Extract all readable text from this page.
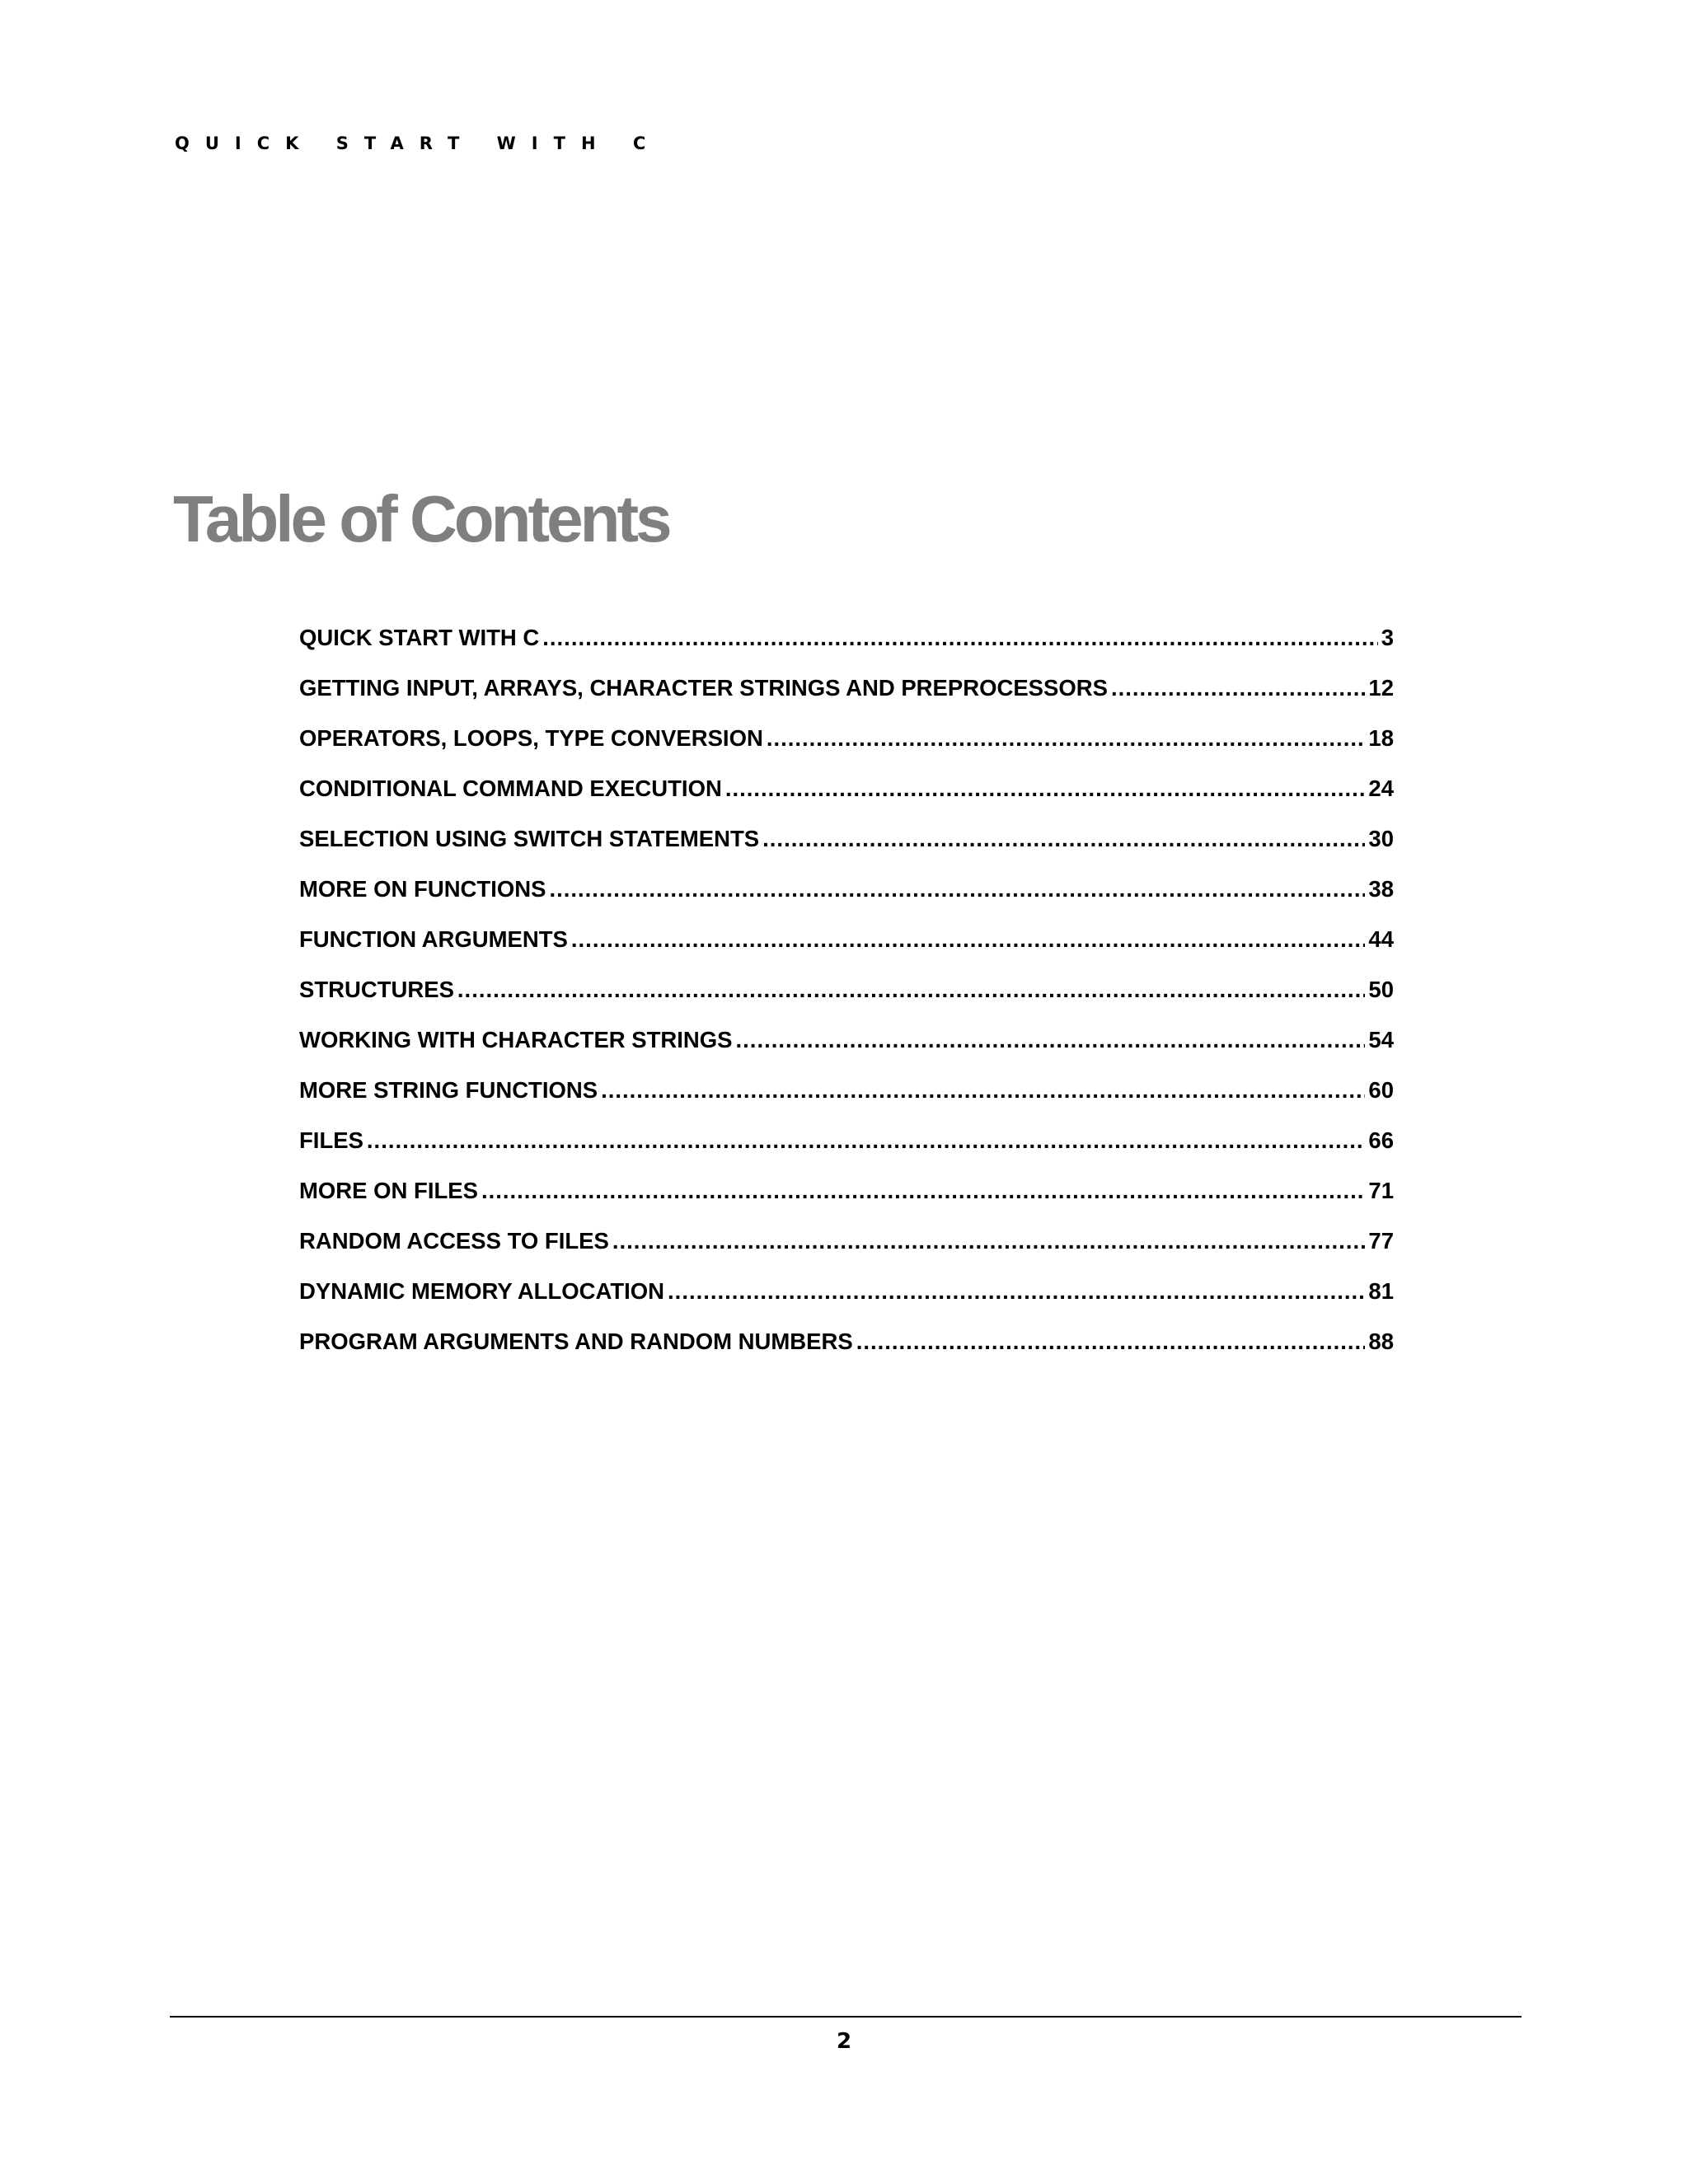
QUICK START WITH C
Table of Contents
QUICK START WITH C .....	3
GETTING INPUT, ARRAYS, CHARACTER STRINGS AND PREPROCESSORS .....	12
OPERATORS, LOOPS, TYPE CONVERSION .....	18
CONDITIONAL COMMAND EXECUTION .....	24
SELECTION USING SWITCH STATEMENTS .....	30
MORE ON FUNCTIONS .....	38
FUNCTION ARGUMENTS .....	44
STRUCTURES .....	50
WORKING WITH CHARACTER STRINGS .....	54
MORE STRING FUNCTIONS .....	60
FILES .....	66
MORE ON FILES .....	71
RANDOM ACCESS TO FILES .....	77
DYNAMIC MEMORY ALLOCATION .....	81
PROGRAM ARGUMENTS AND RANDOM NUMBERS .....	88
2
